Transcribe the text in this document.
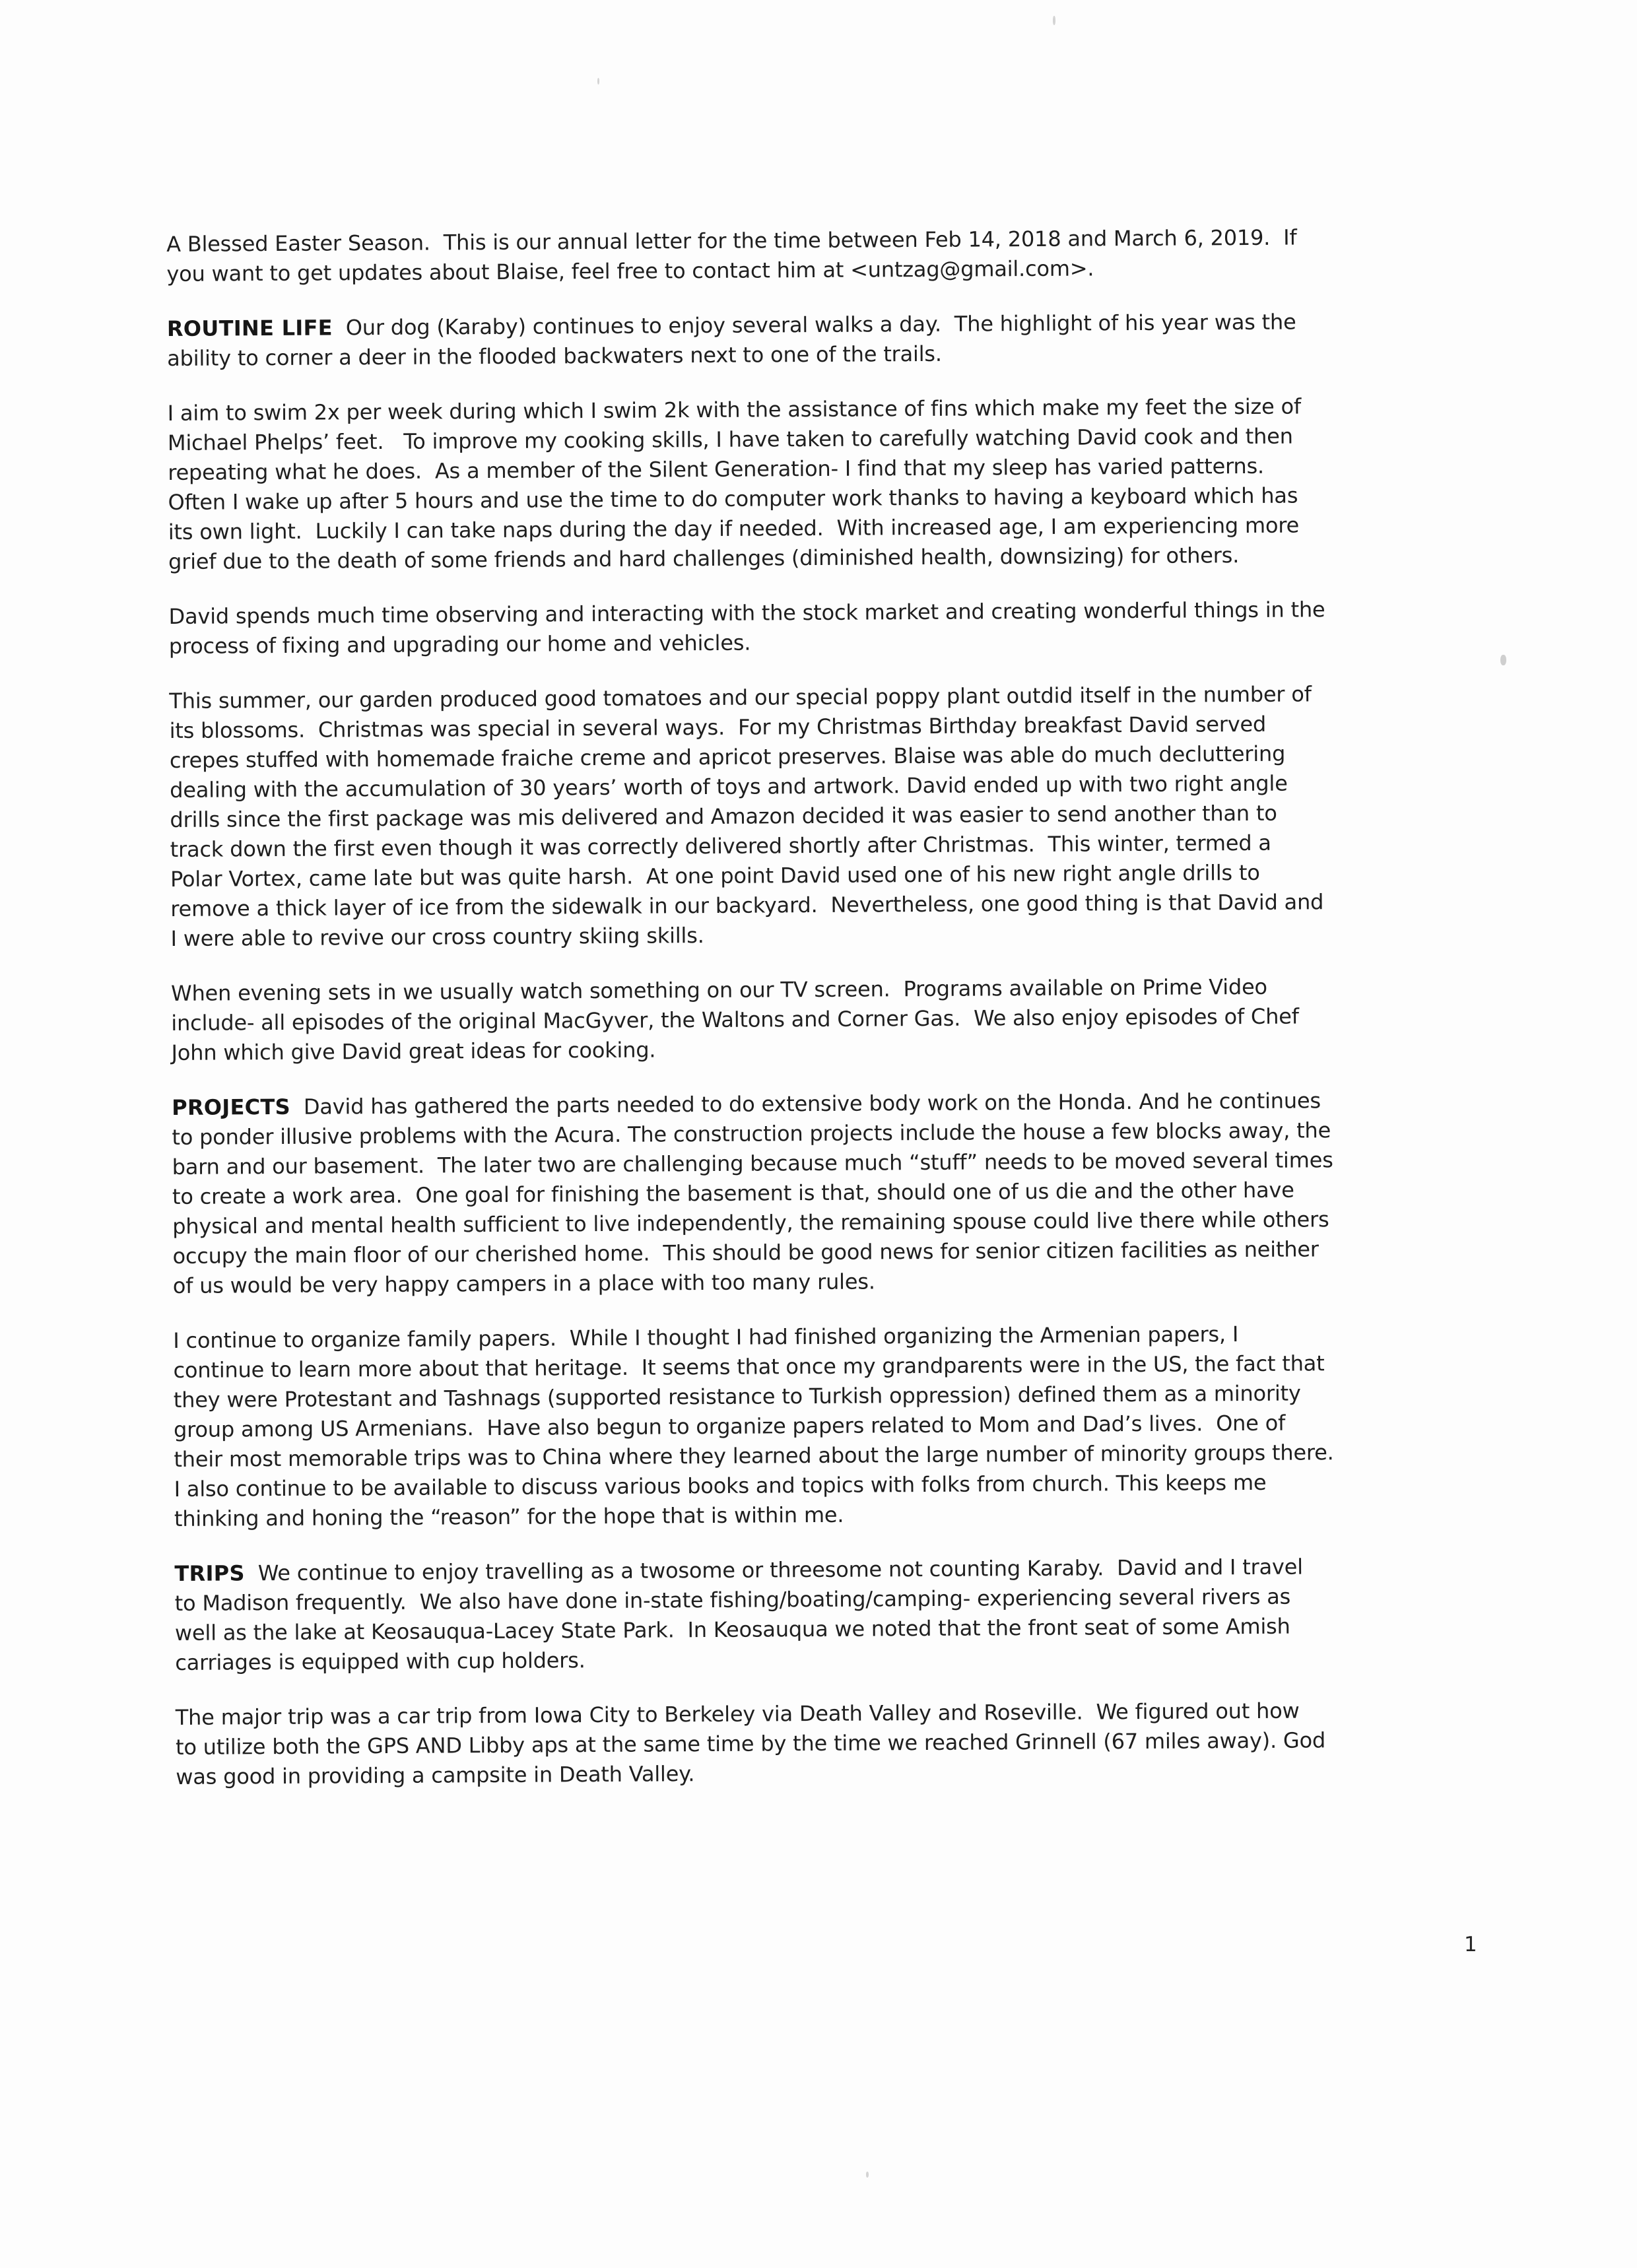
A Blessed Easter Season.  This is our annual letter for the time between Feb 14, 2018 and March 6, 2019.  If
you want to get updates about Blaise, feel free to contact him at <untzag@gmail.com>.
ROUTINE LIFE  Our dog (Karaby) continues to enjoy several walks a day.  The highlight of his year was the
ability to corner a deer in the flooded backwaters next to one of the trails.
I aim to swim 2x per week during which I swim 2k with the assistance of fins which make my feet the size of
Michael Phelps’ feet.   To improve my cooking skills, I have taken to carefully watching David cook and then
repeating what he does.  As a member of the Silent Generation- I find that my sleep has varied patterns.
Often I wake up after 5 hours and use the time to do computer work thanks to having a keyboard which has
its own light.  Luckily I can take naps during the day if needed.  With increased age, I am experiencing more
grief due to the death of some friends and hard challenges (diminished health, downsizing) for others.
David spends much time observing and interacting with the stock market and creating wonderful things in the
process of fixing and upgrading our home and vehicles.
This summer, our garden produced good tomatoes and our special poppy plant outdid itself in the number of
its blossoms.  Christmas was special in several ways.  For my Christmas Birthday breakfast David served
crepes stuffed with homemade fraiche creme and apricot preserves. Blaise was able do much decluttering
dealing with the accumulation of 30 years’ worth of toys and artwork. David ended up with two right angle
drills since the first package was mis delivered and Amazon decided it was easier to send another than to
track down the first even though it was correctly delivered shortly after Christmas.  This winter, termed a
Polar Vortex, came late but was quite harsh.  At one point David used one of his new right angle drills to
remove a thick layer of ice from the sidewalk in our backyard.  Nevertheless, one good thing is that David and
I were able to revive our cross country skiing skills.
When evening sets in we usually watch something on our TV screen.  Programs available on Prime Video
include- all episodes of the original MacGyver, the Waltons and Corner Gas.  We also enjoy episodes of Chef
John which give David great ideas for cooking.
PROJECTS  David has gathered the parts needed to do extensive body work on the Honda. And he continues
to ponder illusive problems with the Acura. The construction projects include the house a few blocks away, the
barn and our basement.  The later two are challenging because much “stuff” needs to be moved several times
to create a work area.  One goal for finishing the basement is that, should one of us die and the other have
physical and mental health sufficient to live independently, the remaining spouse could live there while others
occupy the main floor of our cherished home.  This should be good news for senior citizen facilities as neither
of us would be very happy campers in a place with too many rules.
I continue to organize family papers.  While I thought I had finished organizing the Armenian papers, I
continue to learn more about that heritage.  It seems that once my grandparents were in the US, the fact that
they were Protestant and Tashnags (supported resistance to Turkish oppression) defined them as a minority
group among US Armenians.  Have also begun to organize papers related to Mom and Dad’s lives.  One of
their most memorable trips was to China where they learned about the large number of minority groups there.
I also continue to be available to discuss various books and topics with folks from church. This keeps me
thinking and honing the “reason” for the hope that is within me.
TRIPS  We continue to enjoy travelling as a twosome or threesome not counting Karaby.  David and I travel
to Madison frequently.  We also have done in-state fishing/boating/camping- experiencing several rivers as
well as the lake at Keosauqua-Lacey State Park.  In Keosauqua we noted that the front seat of some Amish
carriages is equipped with cup holders.
The major trip was a car trip from Iowa City to Berkeley via Death Valley and Roseville.  We figured out how
to utilize both the GPS AND Libby aps at the same time by the time we reached Grinnell (67 miles away). God
was good in providing a campsite in Death Valley.
1
